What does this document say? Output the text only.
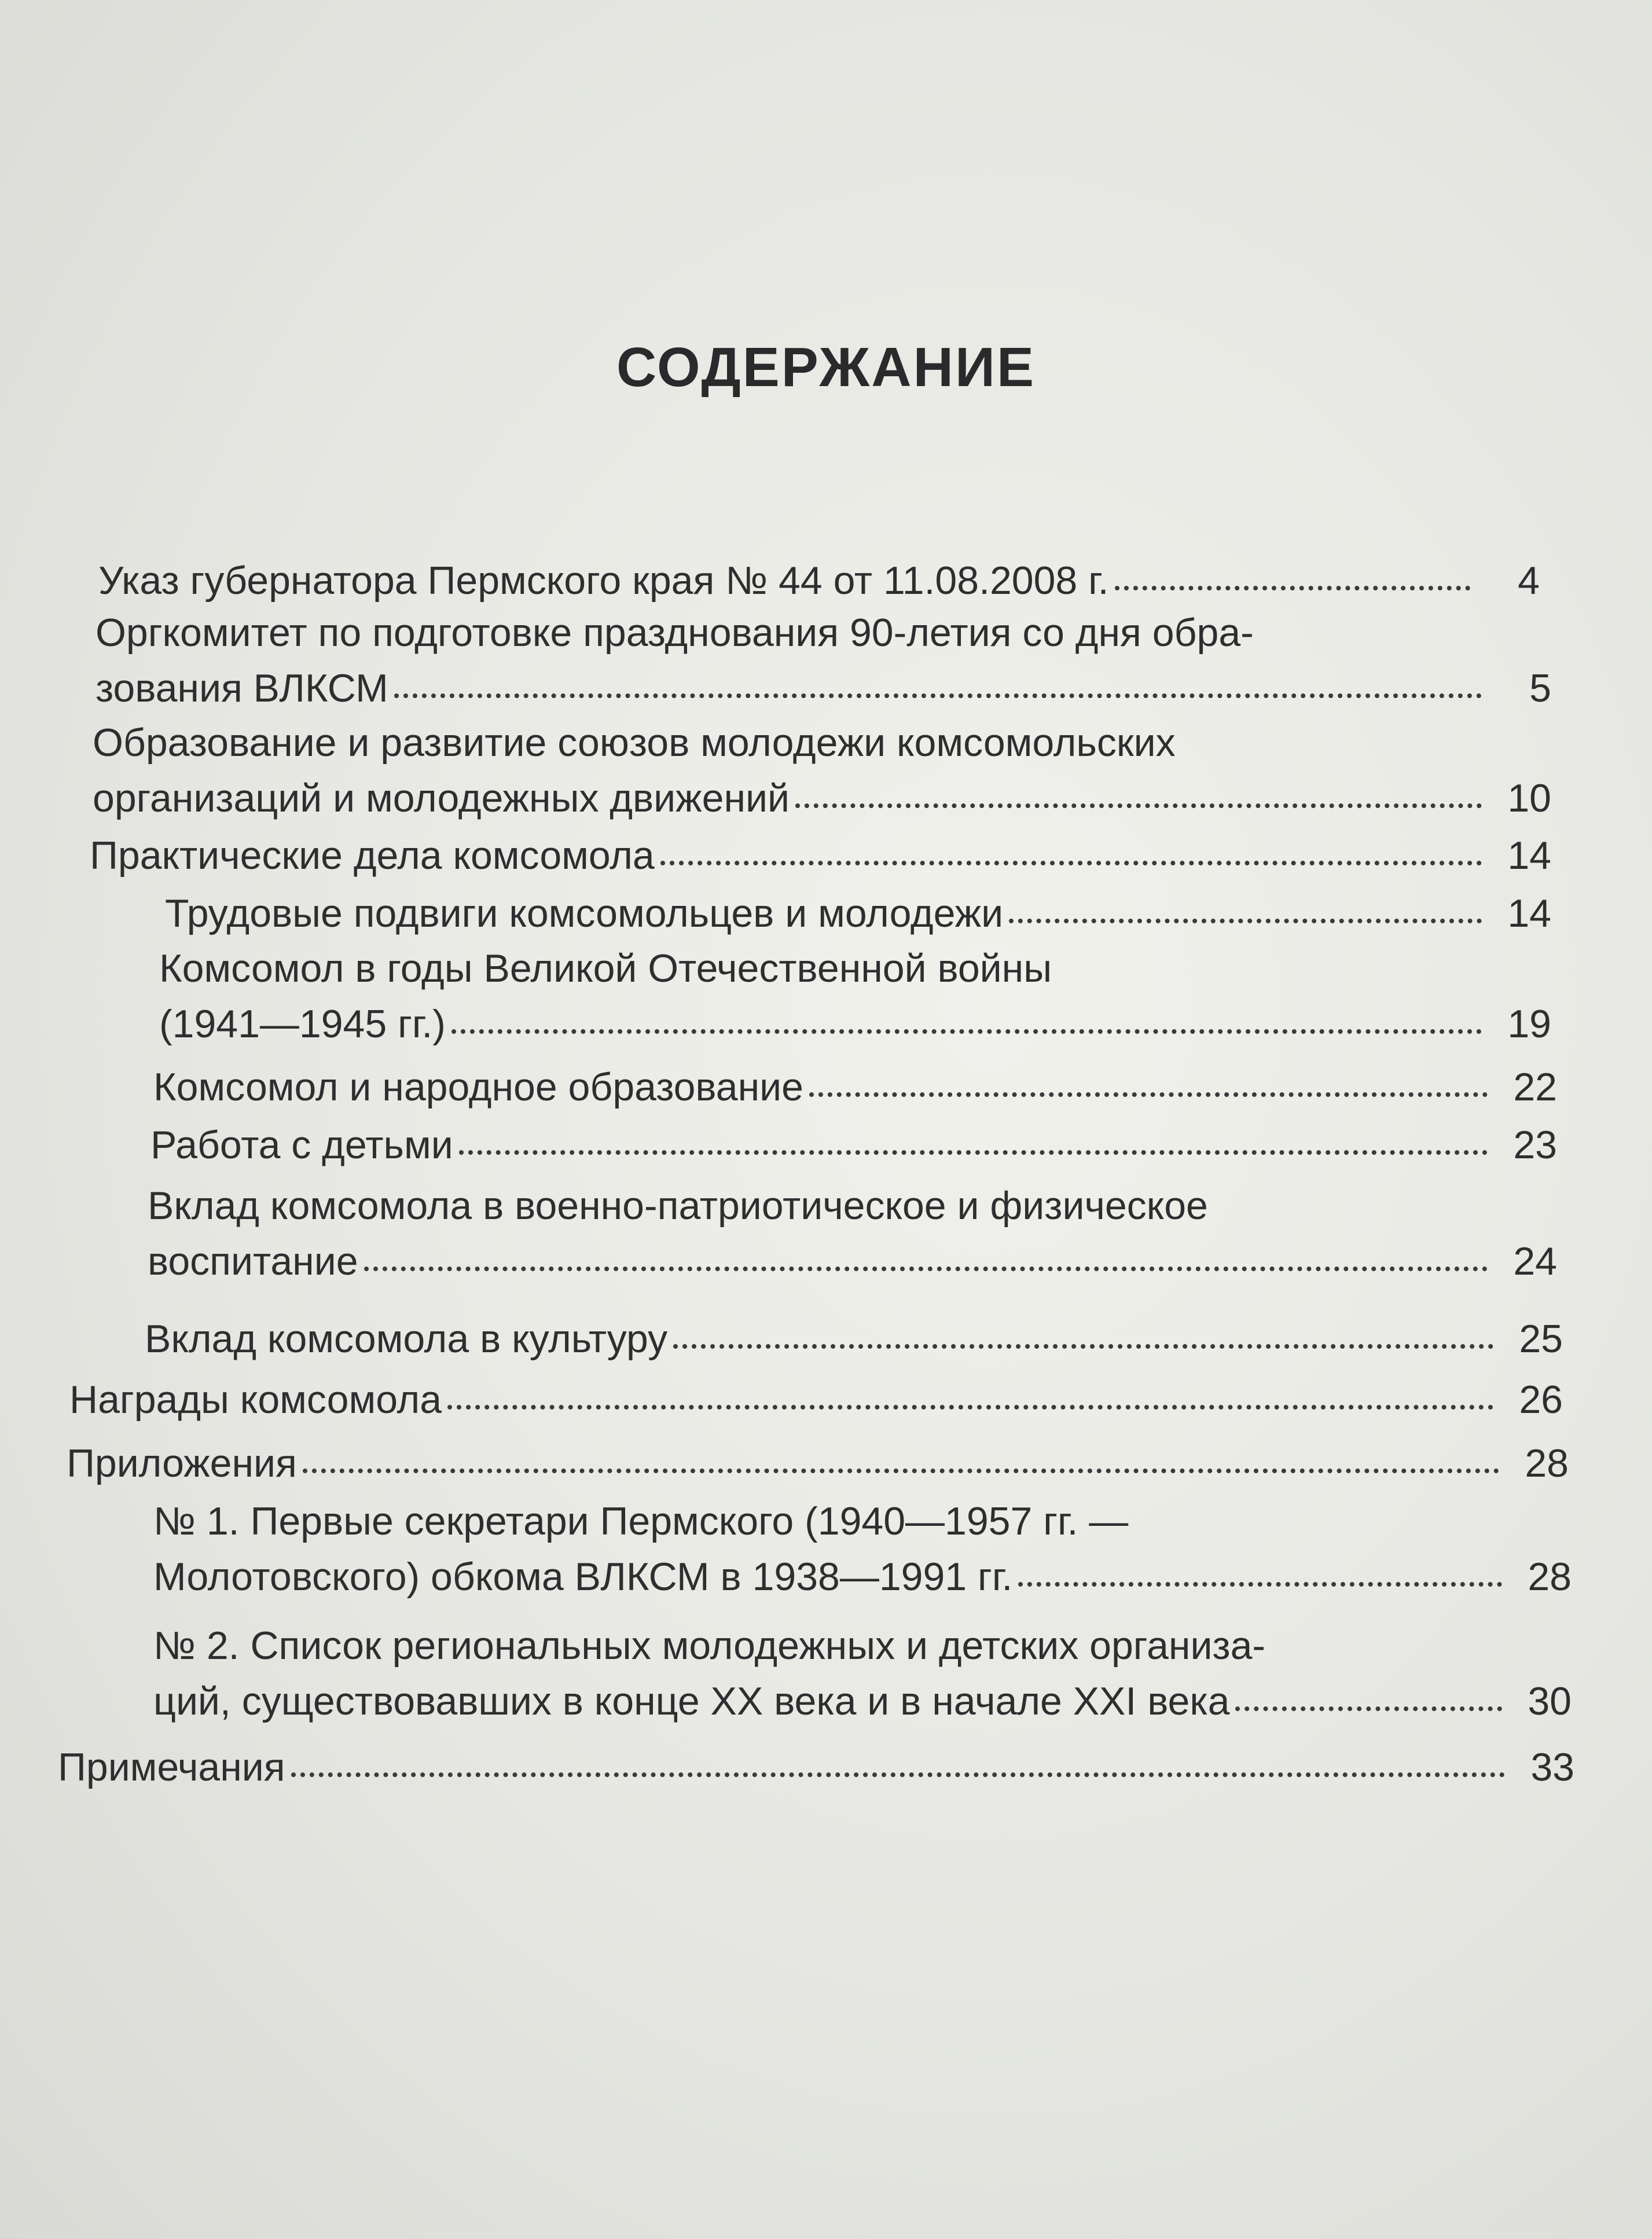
СОДЕРЖАНИЕ
Указ губернатора Пермского края № 44 от 11.08.2008 г.	4
Оргкомитет по подготовке празднования 90-летия со дня обра-
зования ВЛКСМ	5
Образование и развитие союзов молодежи комсомольских
организаций и молодежных движений	10
Практические дела комсомола	14
Трудовые подвиги комсомольцев и молодежи	14
Комсомол в годы Великой Отечественной войны
(1941—1945 гг.)	19
Комсомол и народное образование	22
Работа с детьми	23
Вклад комсомола в военно-патриотическое и физическое
воспитание	24
Вклад комсомола в культуру	25
Награды комсомола	26
Приложения	28
№ 1. Первые секретари Пермского (1940—1957 гг. —
Молотовского) обкома ВЛКСМ в 1938—1991 гг.	28
№ 2. Список региональных молодежных и детских организа-
ций, существовавших в конце XX века и в начале XXI века	30
Примечания	33
